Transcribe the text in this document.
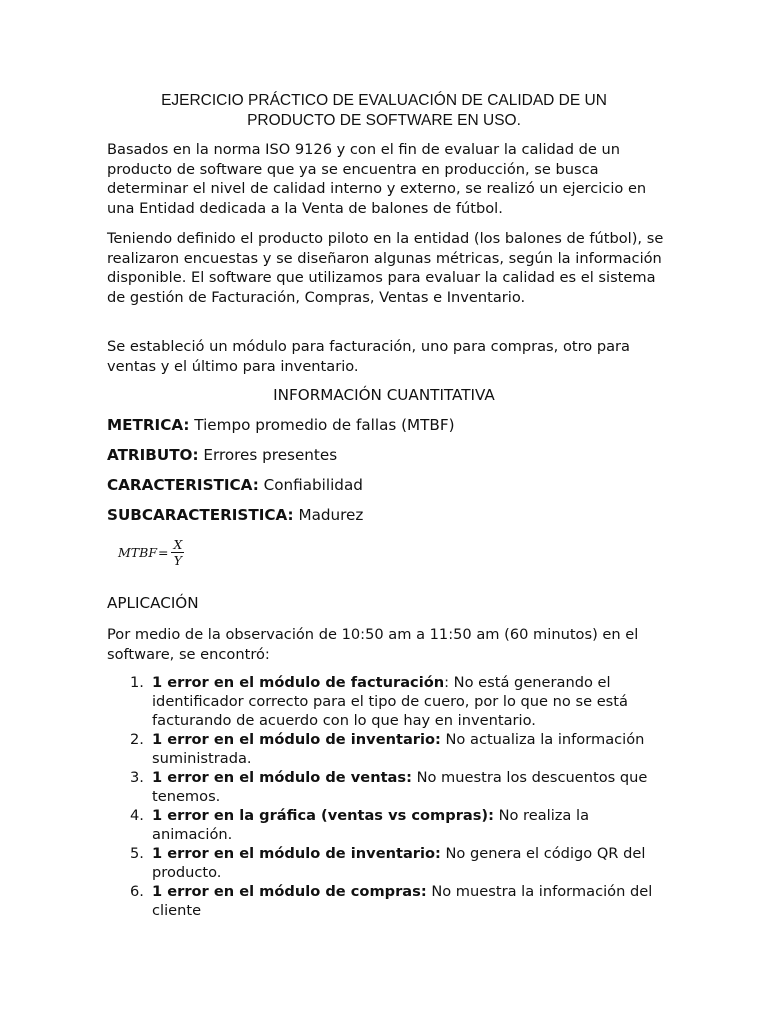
EJERCICIO PRÁCTICO DE EVALUACIÓN DE CALIDAD DE UN
PRODUCTO DE SOFTWARE EN USO.
Basados en la norma ISO 9126 y con el fin de evaluar la calidad de un producto de software que ya se encuentra en producción, se busca determinar el nivel de calidad interno y externo, se realizó un ejercicio en una Entidad dedicada a la Venta de balones de fútbol.
Teniendo definido el producto piloto en la entidad (los balones de fútbol), se realizaron encuestas y se diseñaron algunas métricas, según la información disponible. El software que utilizamos para evaluar la calidad es el sistema de gestión de Facturación, Compras, Ventas e Inventario.
Se estableció un módulo para facturación, uno para compras, otro para ventas y el último para inventario.
INFORMACIÓN CUANTITATIVA
METRICA: Tiempo promedio de fallas (MTBF)
ATRIBUTO: Errores presentes
CARACTERISTICA: Confiabilidad
SUBCARACTERISTICA: Madurez
MTBF = $\frac{X}{Y}$
APLICACIÓN
Por medio de la observación de 10:50 am a 11:50 am (60 minutos) en el software, se encontró:
1. 1 error en el módulo de facturación: No está generando el identificador correcto para el tipo de cuero, por lo que no se está facturando de acuerdo con lo que hay en inventario.
2. 1 error en el módulo de inventario: No actualiza la información suministrada.
3. 1 error en el módulo de ventas: No muestra los descuentos que tenemos.
4. 1 error en la gráfica (ventas vs compras): No realiza la animación.
5. 1 error en el módulo de inventario: No genera el código QR del producto.
6. 1 error en el módulo de compras: No muestra la información del cliente
